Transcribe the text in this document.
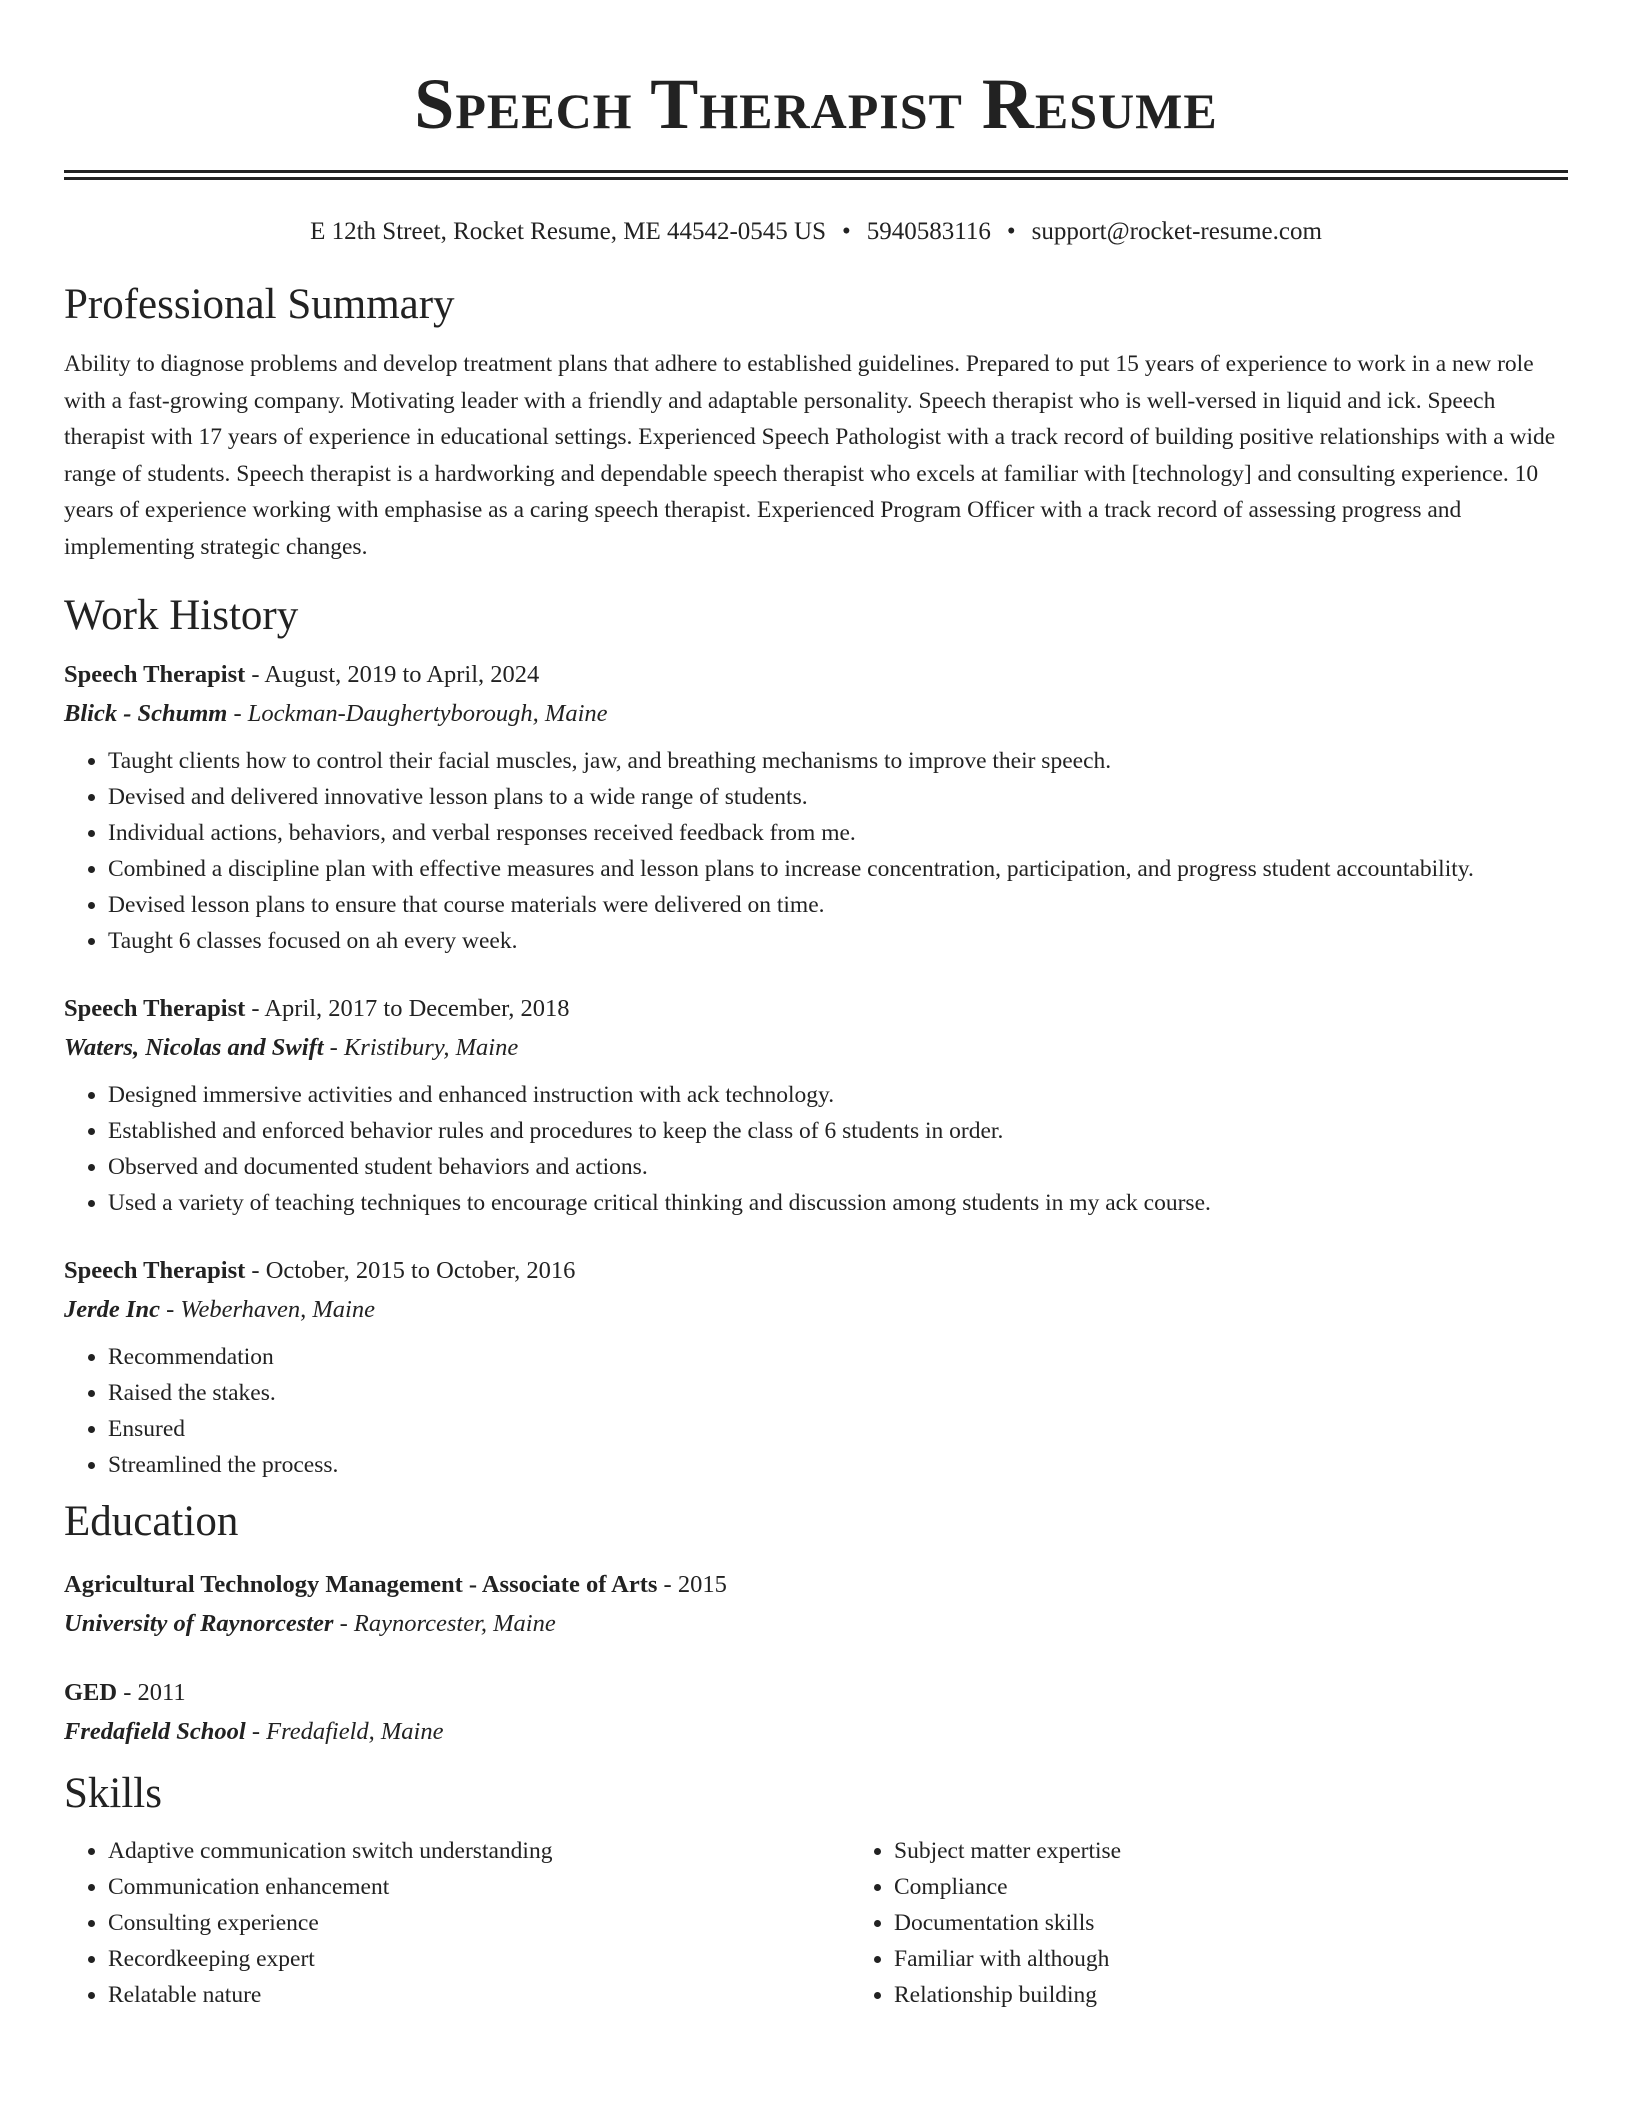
Speech Therapist Resume
E 12th Street, Rocket Resume, ME 44542-0545 US • 5940583116 • support@rocket-resume.com
Professional Summary

Ability to diagnose problems and develop treatment plans that adhere to established guidelines. Prepared to put 15 years of experience to work in a new role with a fast-growing company. Motivating leader with a friendly and adaptable personality. Speech therapist who is well-versed in liquid and ick. Speech therapist with 17 years of experience in educational settings. Experienced Speech Pathologist with a track record of building positive relationships with a wide range of students. Speech therapist is a hardworking and dependable speech therapist who excels at familiar with [technology] and consulting experience. 10 years of experience working with emphasise as a caring speech therapist. Experienced Program Officer with a track record of assessing progress and implementing strategic changes.

Work History
Speech Therapist - August, 2019 to April, 2024
Blick - Schumm - Lockman-Daughertyborough, Maine
• Taught clients how to control their facial muscles, jaw, and breathing mechanisms to improve their speech.
• Devised and delivered innovative lesson plans to a wide range of students.
• Individual actions, behaviors, and verbal responses received feedback from me.
• Combined a discipline plan with effective measures and lesson plans to increase concentration, participation, and progress student accountability.
• Devised lesson plans to ensure that course materials were delivered on time.
• Taught 6 classes focused on ah every week.
Speech Therapist - April, 2017 to December, 2018
Waters, Nicolas and Swift - Kristibury, Maine
• Designed immersive activities and enhanced instruction with ack technology.
• Established and enforced behavior rules and procedures to keep the class of 6 students in order.
• Observed and documented student behaviors and actions.
• Used a variety of teaching techniques to encourage critical thinking and discussion among students in my ack course.
Speech Therapist - October, 2015 to October, 2016
Jerde Inc - Weberhaven, Maine
• Recommendation
• Raised the stakes.
• Ensured
• Streamlined the process.
Education
Agricultural Technology Management - Associate of Arts - 2015
University of Raynorcester - Raynorcester, Maine
GED - 2011
Fredafield School - Fredafield, Maine
Skills
• Adaptive communication switch understanding
• Communication enhancement
• Consulting experience
• Recordkeeping expert
• Relatable nature
• Subject matter expertise
• Compliance
• Documentation skills
• Familiar with although
• Relationship building
